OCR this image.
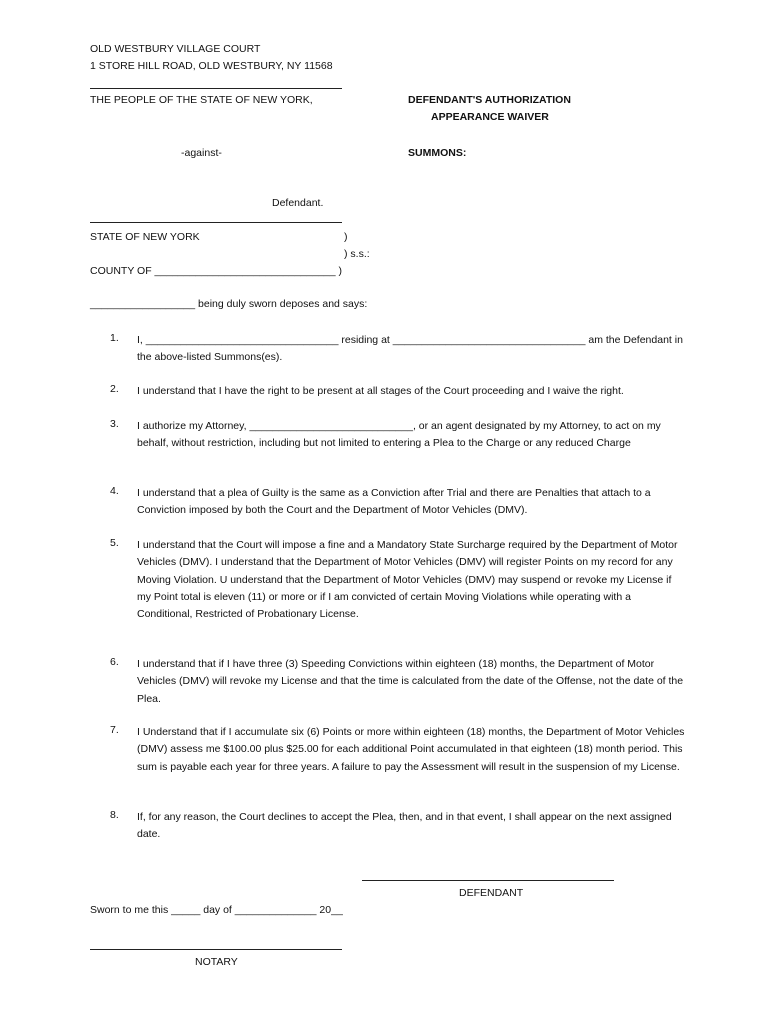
OLD WESTBURY VILLAGE COURT
1 STORE HILL ROAD, OLD WESTBURY, NY 11568
THE PEOPLE OF THE STATE OF NEW YORK,
-against-
Defendant.
DEFENDANT'S AUTHORIZATION
APPEARANCE WAIVER
SUMMONS:
STATE OF NEW YORK	)
) s.s.:
COUNTY OF _______________________________ )
__________________ being duly sworn deposes and says:
1.	I, _________________________________ residing at _________________________________ am the Defendant in the above-listed Summons(es).
2.	I understand that I have the right to be present at all stages of the Court proceeding and I waive the right.
3.	I authorize my Attorney, ____________________________, or an agent designated by my Attorney, to act on my behalf, without restriction, including but not limited to entering a Plea to the Charge or any reduced Charge
4.	I understand that a plea of Guilty is the same as a Conviction after Trial and there are Penalties that attach to a Conviction imposed by both the Court and the Department of Motor Vehicles (DMV).
5.	I understand that the Court will impose a fine and a Mandatory State Surcharge required by the Department of Motor Vehicles (DMV). I understand that the Department of Motor Vehicles (DMV) will register Points on my record for any Moving Violation. U understand that the Department of Motor Vehicles (DMV) may suspend or revoke my License if my Point total is eleven (11) or more or if I am convicted of certain Moving Violations while operating with a Conditional, Restricted of Probationary License.
6.	I understand that if I have three (3) Speeding Convictions within eighteen (18) months, the Department of Motor Vehicles (DMV) will revoke my License and that the time is calculated from the date of the Offense, not the date of the Plea.
7.	I Understand that if I accumulate six (6) Points or more within eighteen (18) months, the Department of Motor Vehicles (DMV) assess me $100.00 plus $25.00 for each additional Point accumulated in that eighteen (18) month period. This sum is payable each year for three years. A failure to pay the Assessment will result in the suspension of my License.
8.	If, for any reason, the Court declines to accept the Plea, then, and in that event, I shall appear on the next assigned date.
DEFENDANT
Sworn to me this _____ day of ______________ 20__
NOTARY
